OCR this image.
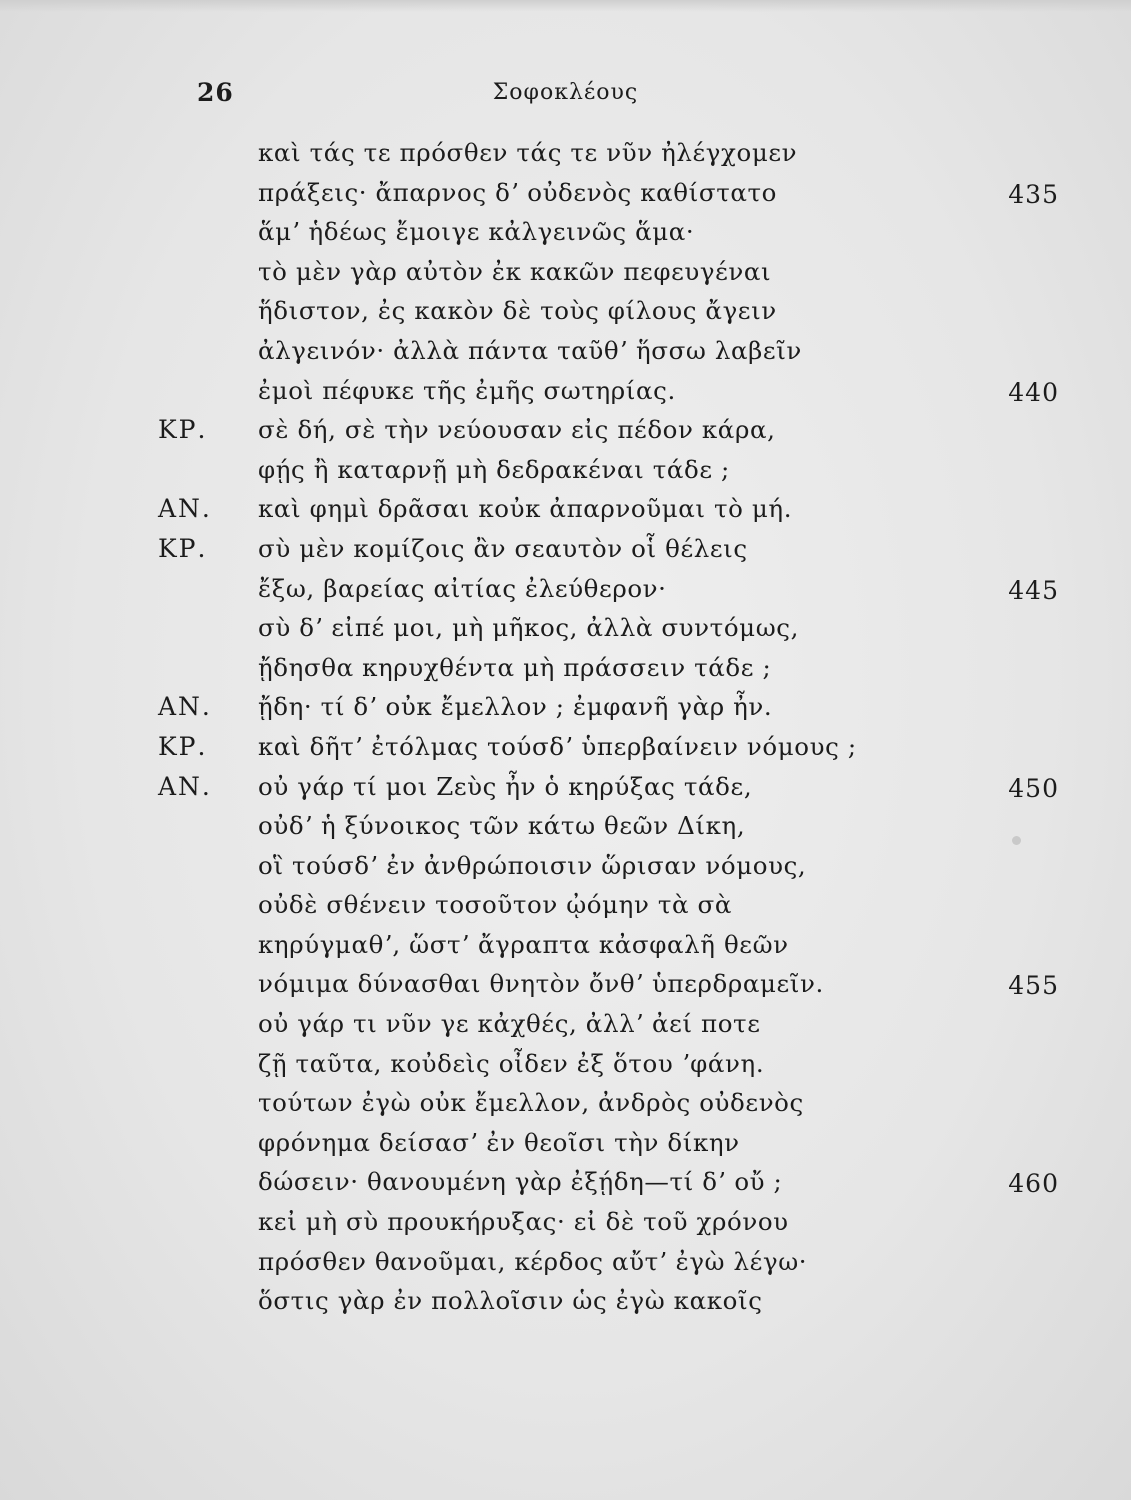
26	Σοφοκλέους
καὶ τάς τε πρόσθεν τάς τε νῦν ἠλέγχομεν
πράξεις· ἄπαρνος δʼ οὐδενὸς καθίστατο	435
ἅμʼ ἡδέως ἔμοιγε κἀλγεινῶς ἅμα·
τὸ μὲν γὰρ αὐτὸν ἐκ κακῶν πεφευγέναι
ἥδιστον, ἐς κακὸν δὲ τοὺς φίλους ἄγειν
ἀλγεινόν· ἀλλὰ πάντα ταῦθʼ ἥσσω λαβεῖν
ἐμοὶ πέφυκε τῆς ἐμῆς σωτηρίας.	440
ΚΡ. σὲ δή, σὲ τὴν νεύουσαν εἰς πέδον κάρα,
φῄς ἢ καταρνῇ μὴ δεδρακέναι τάδε ;
ΑΝ. καὶ φημὶ δρᾶσαι κοὐκ ἀπαρνοῦμαι τὸ μή.
ΚΡ. σὺ μὲν κομίζοις ἂν σεαυτὸν οἷ θέλεις
ἔξω, βαρείας αἰτίας ἐλεύθερον·	445
σὺ δʼ εἰπέ μοι, μὴ μῆκος, ἀλλὰ συντόμως,
ᾔδησθα κηρυχθέντα μὴ πράσσειν τάδε ;
ΑΝ. ᾔδη· τί δʼ οὐκ ἔμελλον ; ἐμφανῆ γὰρ ἦν.
ΚΡ. καὶ δῆτʼ ἐτόλμας τούσδʼ ὑπερβαίνειν νόμους ;
ΑΝ. οὐ γάρ τί μοι Ζεὺς ἦν ὁ κηρύξας τάδε,	450
οὐδʼ ἡ ξύνοικος τῶν κάτω θεῶν Δίκη,
οἳ τούσδʼ ἐν ἀνθρώποισιν ὥρισαν νόμους,
οὐδὲ σθένειν τοσοῦτον ᾠόμην τὰ σὰ
κηρύγμαθʼ, ὥστʼ ἄγραπτα κἀσφαλῆ θεῶν
νόμιμα δύνασθαι θνητὸν ὄνθʼ ὑπερδραμεῖν.	455
οὐ γάρ τι νῦν γε κἀχθές, ἀλλʼ ἀεί ποτε
ζῇ ταῦτα, κοὐδεὶς οἶδεν ἐξ ὅτου ʼφάνη.
τούτων ἐγὼ οὐκ ἔμελλον, ἀνδρὸς οὐδενὸς
φρόνημα δείσασʼ ἐν θεοῖσι τὴν δίκην
δώσειν· θανουμένη γὰρ ἐξῄδη—τί δʼ οὔ ;	460
κεἰ μὴ σὺ προυκήρυξας· εἰ δὲ τοῦ χρόνου
πρόσθεν θανοῦμαι, κέρδος αὔτʼ ἐγὼ λέγω·
ὅστις γὰρ ἐν πολλοῖσιν ὡς ἐγὼ κακοῖς
